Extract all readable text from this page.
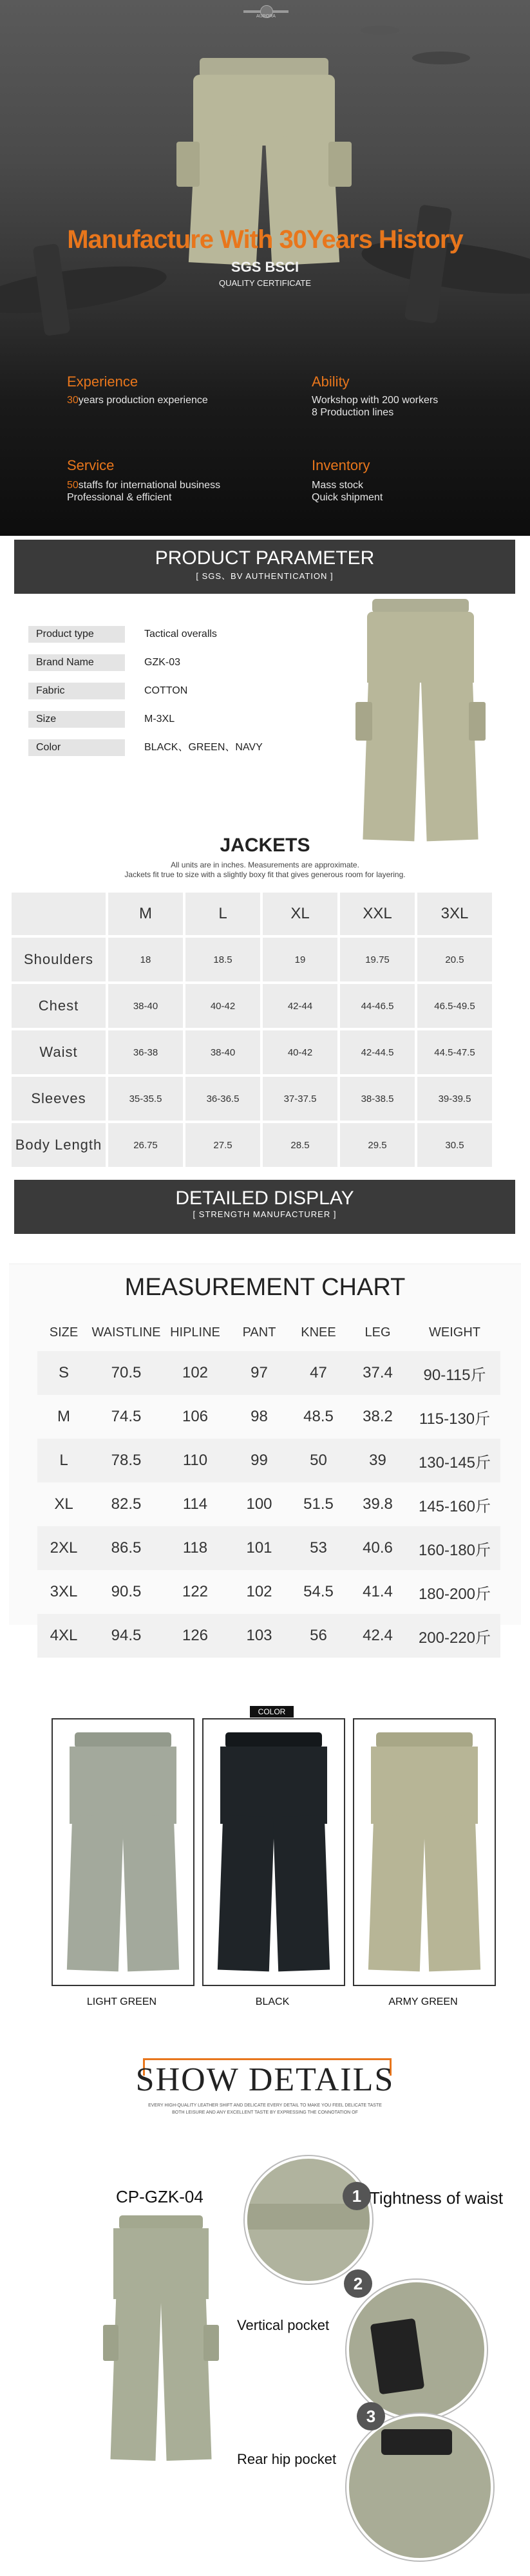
AURORA
Manufacture With 30Years History
SGS BSCI
QUALITY CERTIFICATE
Experience
30years production experience
Ability
Workshop with 200 workers
8 Production lines
Service
50staffs for international business
Professional & efficient
Inventory
Mass stock
Quick shipment
PRODUCT PARAMETER
[ SGS、BV AUTHENTICATION ]
Product type	Tactical overalls
Brand Name	GZK-03
Fabric	COTTON
Size	M-3XL
Color	BLACK、GREEN、NAVY
JACKETS
All units are in inches. Measurements are approximate.
Jackets fit true to size with a slightly boxy fit that gives generous room for layering.
	M	L	XL	XXL	3XL
Shoulders	18	18.5	19	19.75	20.5
Chest	38-40	40-42	42-44	44-46.5	46.5-49.5
Waist	36-38	38-40	40-42	42-44.5	44.5-47.5
Sleeves	35-35.5	36-36.5	37-37.5	38-38.5	39-39.5
Body Length	26.75	27.5	28.5	29.5	30.5
DETAILED DISPLAY
[ STRENGTH MANUFACTURER ]
MEASUREMENT CHART
SIZE	WAISTLINE	HIPLINE	PANT	KNEE	LEG	WEIGHT
S	70.5	102	97	47	37.4	90-115斤
M	74.5	106	98	48.5	38.2	115-130斤
L	78.5	110	99	50	39	130-145斤
XL	82.5	114	100	51.5	39.8	145-160斤
2XL	86.5	118	101	53	40.6	160-180斤
3XL	90.5	122	102	54.5	41.4	180-200斤
4XL	94.5	126	103	56	42.4	200-220斤
COLOR
LIGHT GREEN	BLACK	ARMY GREEN
SHOW DETAILS
EVERY HIGH-QUALITY LEATHER SHIFT AND DELICATE EVERY DETAIL TO MAKE YOU FEEL DELICATE TASTE
BOTH LEISURE AND ANY EXCELLENT TASTE BY EXPRESSING THE CONNOTATION OF
CP-GZK-04	1 Tightness of waist
2
Vertical pocket
3
Rear hip pocket
